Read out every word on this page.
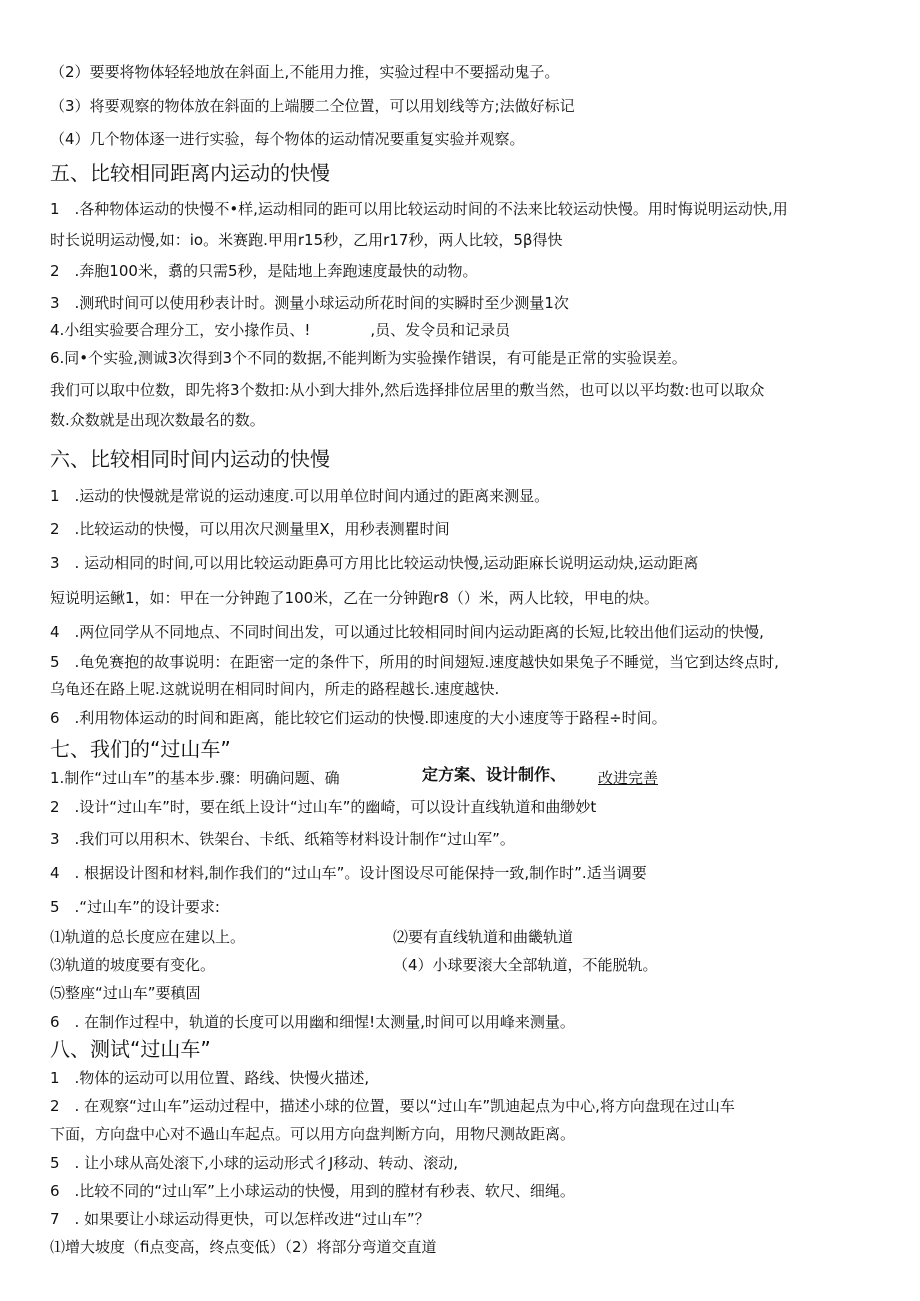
（2）要要将物体轻轻地放在斜面上,不能用力推，实验过程中不要摇动鬼子。
（3）将要观察的物体放在斜面的上端腰二仝位置，可以用划线等方;法做好标记
（4）几个物体逐一进行实验，每个物体的运动情况要重复实验并观察。
五、比较相同距离内运动的快慢
1　.各种物体运动的快慢不•样,运动相同的距可以用比较运动时间的不法来比较运动快慢。用时悔说明运动快,用
时长说明运动慢,如：io。米赛跑.甲用r15秒，乙用r17秒，两人比较，5β得快
2　.奔胞100米，翥的只需5秒，是陆地上奔跑速度最快的动物。
3　.测玳时间可以使用秒表计时。测量小球运动所花时间的实瞬时至少测量1次
4.小组实验要合理分工，安小掾作员、!　　　　,员、发令员和记录员
6.同•个实验,测诚3次得到3个不同的数据,不能判断为实验操作错误，有可能是正常的实验误差。
我们可以取中位数，即先将3个数扣:从小到大排外,然后选择排位居里的敷当然，也可以以平均数:也可以取众
数.众数就是出现次数最名的数。
六、比较相同时间内运动的快慢
1　.运动的快慢就是常说的运动速度.可以用单位时间内通过的距离来测显。
2　.比较运动的快慢，可以用次尺测量里X，用秒表测瞿时间
3　. 运动相同的时间,可以用比较运动距鼻可方用比比较运动快慢,运动距麻长说明运动炔,运动距离
短说明运鳅1，如：甲在一分钟跑了100米，乙在一分钟跑r8（）米，两人比较，甲电的炔。
4　.两位同学从不同地点、不同时间出发，可以通过比较相同时间内运动距离的长短,比较出他们运动的快慢,
5　.龟免赛抱的故事说明：在距密一定的条件下，所用的时间翅短.速度越快如果兔子不睡觉，当它到达终点时,
乌龟还在路上呢.这就说明在相同时间内，所走的路程越长.速度越快.
6　.利用物体运动的时间和距离，能比较它们运动的快慢.即速度的大小速度等于路程÷时间。
七、我们的“过山车”
1.制作“过山车”的基本步.骤：明确问题、确	定方案、设计制作、 改进完善
2　.设计“过山车”时，要在纸上设计“过山车”的幽崎，可以设计直线轨道和曲缈妙t
3　.我们可以用积木、铁架台、卡纸、纸箱等材料设计制作“过山军”。
4　. 根据设计图和材料,制作我们的“过山车”。设计图设尽可能保持一致,制作时”.适当调要
5　.“过山车”的设计要求:
⑴轨道的总长度应在建以上。	⑵要有直线轨道和曲畿轨道
⑶轨道的坡度要有变化。	（4）小球要滚大全部轨道，不能脱轨。
⑸整座“过山车”要稹固
6　. 在制作过程中，轨道的长度可以用幽和细惺!太测量,时间可以用峰来测量。
八、测试“过山车”
1　.物体的运动可以用位置、路线、快慢火描述,
2　. 在观察“过山车”运动过程中，描述小球的位置，要以“过山车”凯迪起点为中心,将方向盘现在过山车
下面，方向盘中心对不過山车起点。可以用方向盘判断方向，用物尺测故距离。
5　. 让小球从高处滚下,小球的运动形式彳J移动、转动、滚动,
6　.比较不同的“过山军”上小球运动的快慢，用到的膛材有秒表、软尺、细绳。
7　. 如果要让小球运动得更快，可以怎样改进“过山车”？
⑴增大坡度（fi点变高，终点变低）（2）将部分弯道交直道
